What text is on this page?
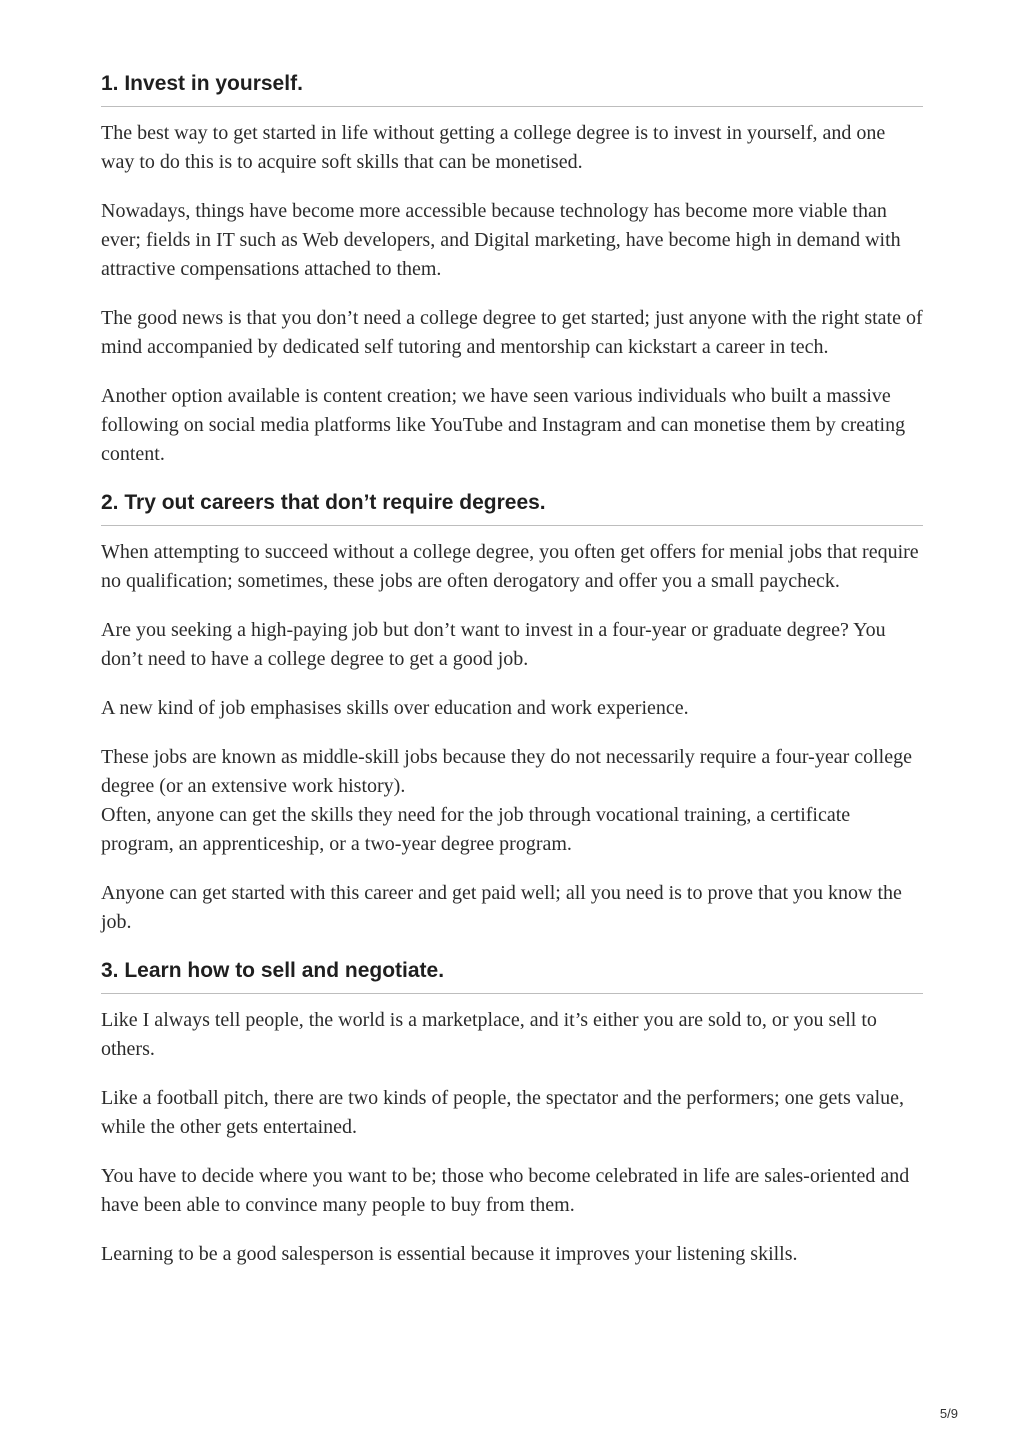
1. Invest in yourself.

The best way to get started in life without getting a college degree is to invest in yourself, and one way to do this is to acquire soft skills that can be monetised.

Nowadays, things have become more accessible because technology has become more viable than ever; fields in IT such as Web developers, and Digital marketing, have become high in demand with attractive compensations attached to them.

The good news is that you don’t need a college degree to get started; just anyone with the right state of mind accompanied by dedicated self tutoring and mentorship can kickstart a career in tech.

Another option available is content creation; we have seen various individuals who built a massive following on social media platforms like YouTube and Instagram and can monetise them by creating content.

2. Try out careers that don’t require degrees.

When attempting to succeed without a college degree, you often get offers for menial jobs that require no qualification; sometimes, these jobs are often derogatory and offer you a small paycheck.

Are you seeking a high-paying job but don’t want to invest in a four-year or graduate degree? You don’t need to have a college degree to get a good job.

A new kind of job emphasises skills over education and work experience.

These jobs are known as middle-skill jobs because they do not necessarily require a four-year college degree (or an extensive work history).

Often, anyone can get the skills they need for the job through vocational training, a certificate program, an apprenticeship, or a two-year degree program.

Anyone can get started with this career and get paid well; all you need is to prove that you know the job.

3. Learn how to sell and negotiate.

Like I always tell people, the world is a marketplace, and it’s either you are sold to, or you sell to others.

Like a football pitch, there are two kinds of people, the spectator and the performers; one gets value, while the other gets entertained.

You have to decide where you want to be; those who become celebrated in life are sales-oriented and have been able to convince many people to buy from them.

Learning to be a good salesperson is essential because it improves your listening skills.

5/9
